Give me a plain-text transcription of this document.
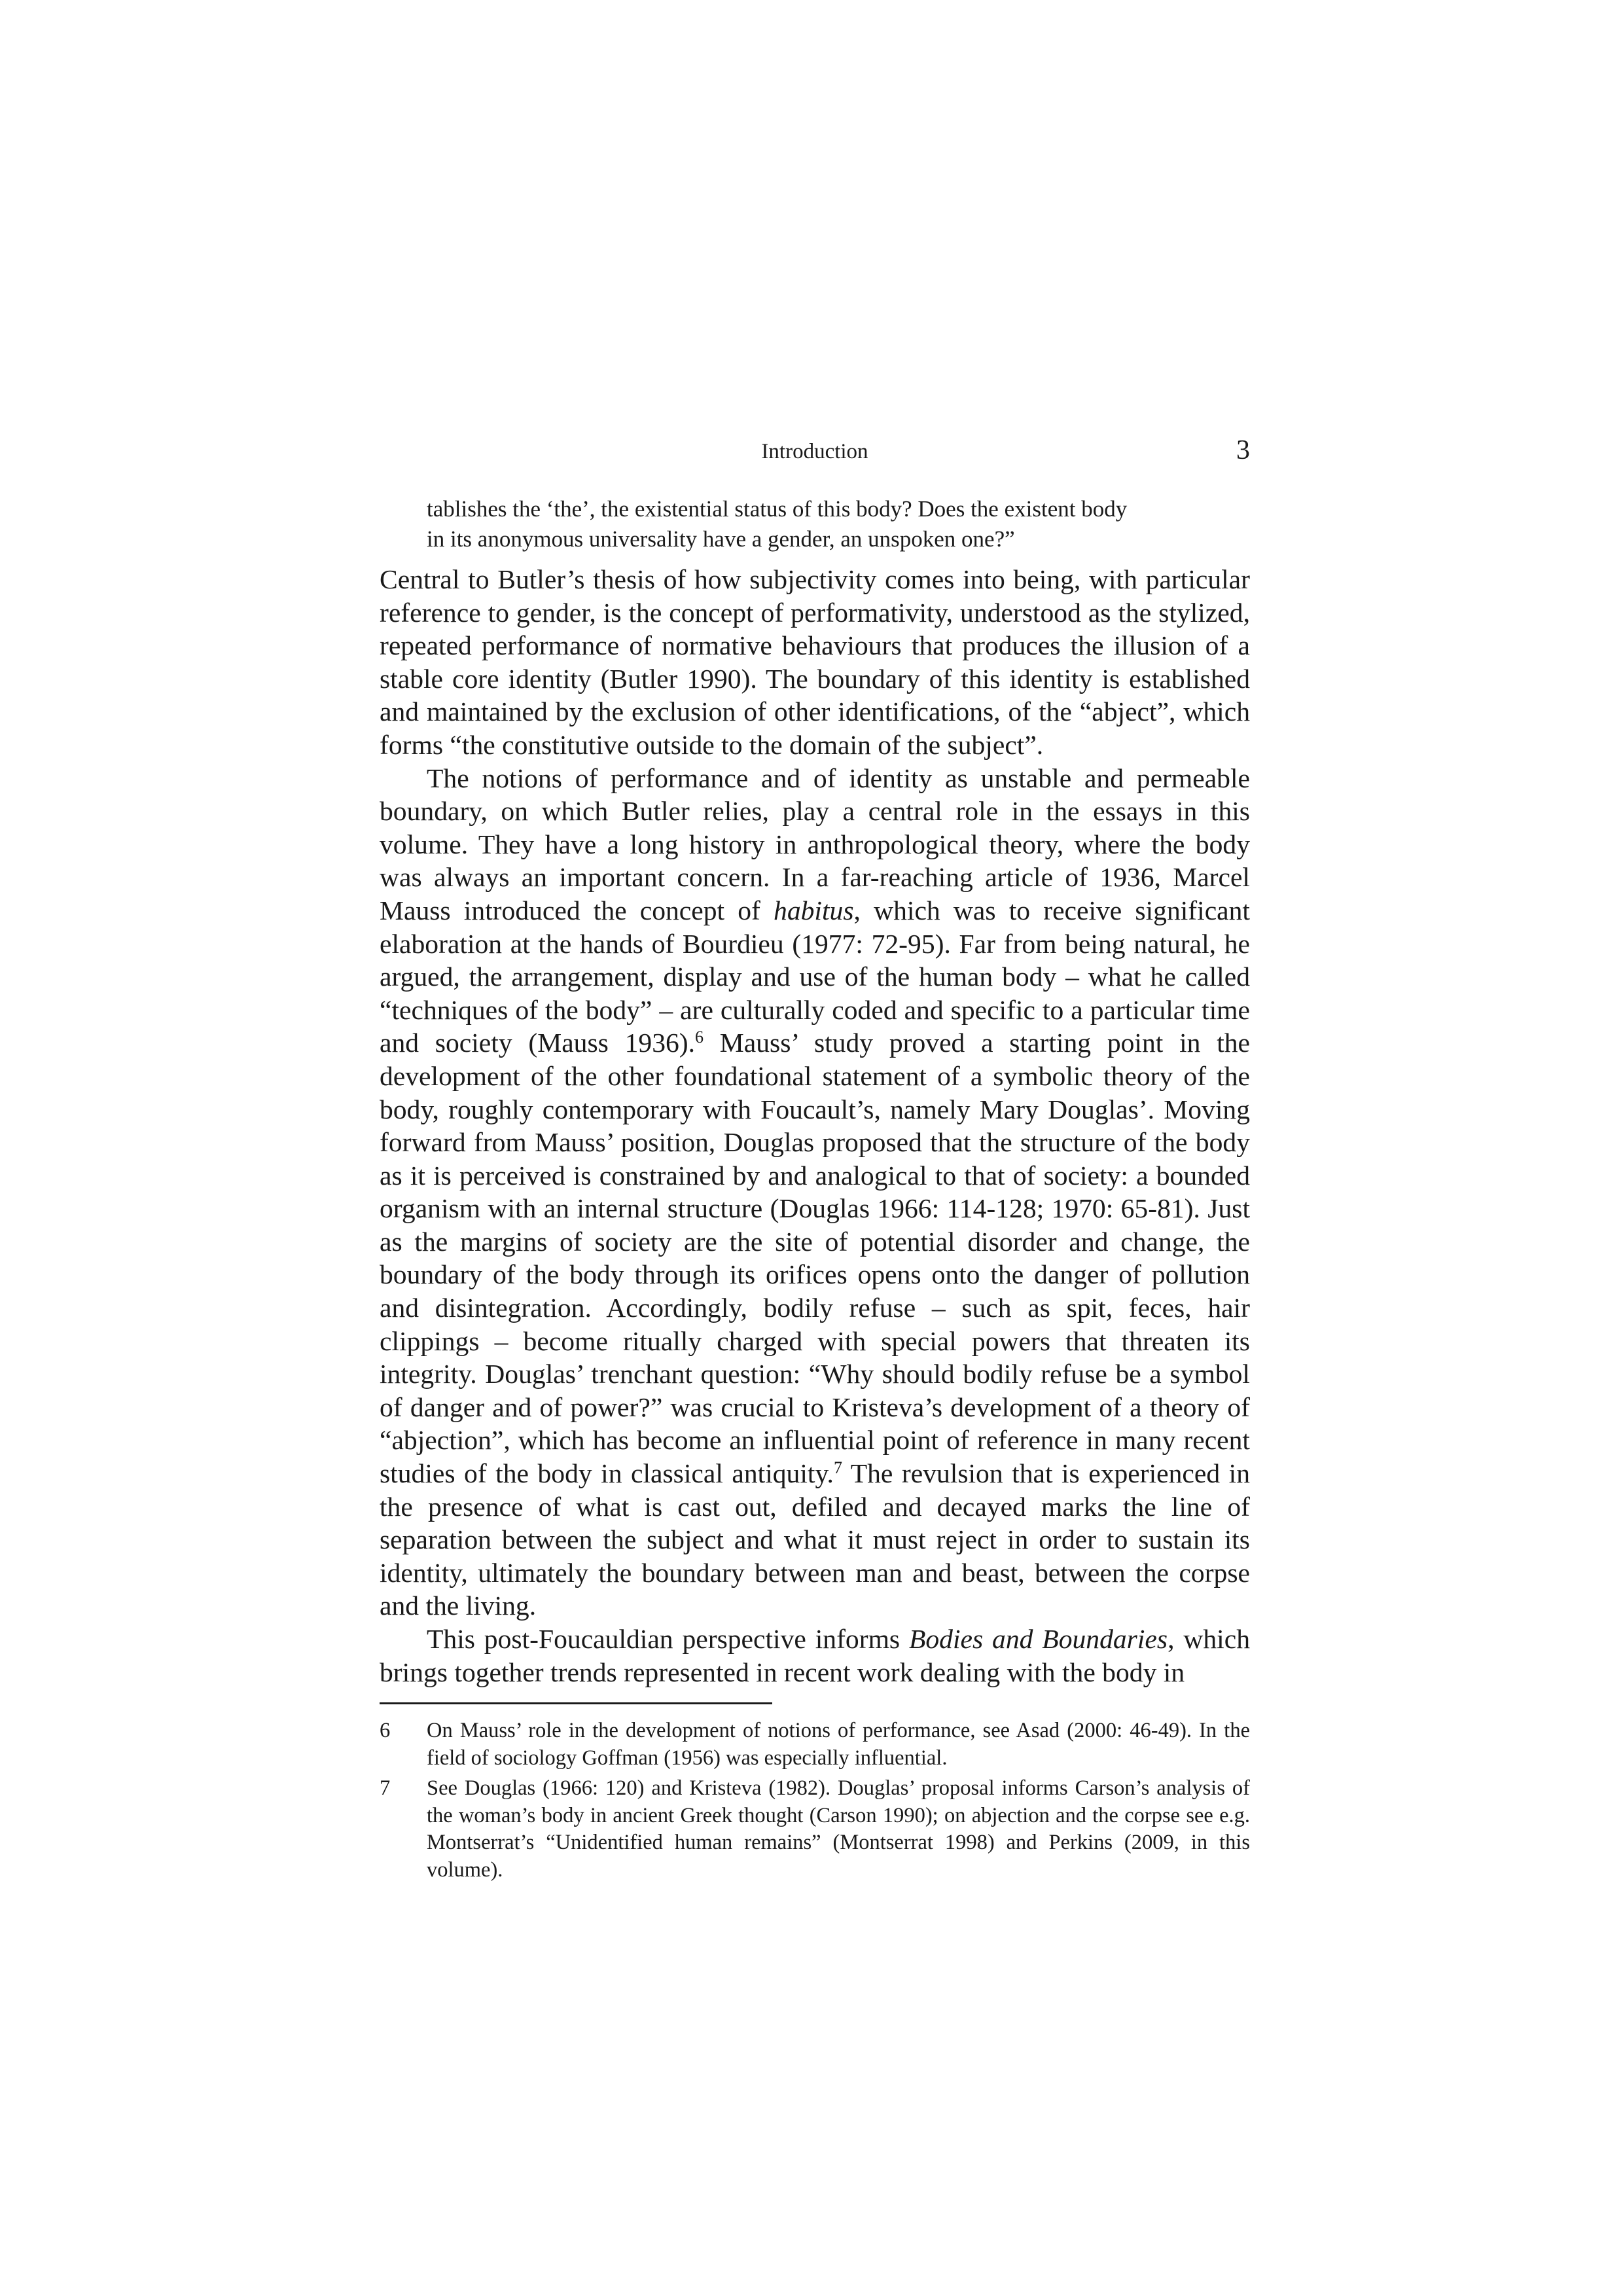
Introduction	3
tablishes the ‘the’, the existential status of this body? Does the existent body
in its anonymous universality have a gender, an unspoken one?”

Central to Butler’s thesis of how subjectivity comes into being, with particular reference to gender, is the concept of performativity, understood as the stylized, repeated performance of normative behaviours that produces the illusion of a stable core identity (Butler 1990). The boundary of this identity is established and maintained by the exclusion of other identifications, of the “abject”, which forms “the constitutive outside to the domain of the subject”.

The notions of performance and of identity as unstable and permeable boundary, on which Butler relies, play a central role in the essays in this volume. They have a long history in anthropological theory, where the body was always an important concern. In a far-reaching article of 1936, Marcel Mauss introduced the concept of habitus, which was to receive significant elaboration at the hands of Bourdieu (1977: 72-95). Far from being natural, he argued, the arrangement, display and use of the human body – what he called “techniques of the body” – are culturally coded and specific to a particular time and society (Mauss 1936).$^6$ Mauss’ study proved a starting point in the development of the other foundational statement of a symbolic theory of the body, roughly contemporary with Foucault’s, namely Mary Douglas’. Moving forward from Mauss’ position, Douglas proposed that the structure of the body as it is perceived is constrained by and analogical to that of society: a bounded organism with an internal structure (Douglas 1966: 114-128; 1970: 65-81). Just as the margins of society are the site of potential disorder and change, the boundary of the body through its orifices opens onto the danger of pollution and disintegration. Accordingly, bodily refuse – such as spit, feces, hair clippings – become ritually charged with special powers that threaten its integrity. Douglas’ trenchant question: “Why should bodily refuse be a symbol of danger and of power?” was crucial to Kristeva’s development of a theory of “abjection”, which has become an influential point of reference in many recent studies of the body in classical antiquity.$^7$ The revulsion that is experienced in the presence of what is cast out, defiled and decayed marks the line of separation between the subject and what it must reject in order to sustain its identity, ultimately the boundary between man and beast, between the corpse and the living.

This post-Foucauldian perspective informs Bodies and Boundaries, which brings together trends represented in recent work dealing with the body in

6 On Mauss’ role in the development of notions of performance, see Asad (2000: 46-49). In the field of sociology Goffman (1956) was especially influential.
7 See Douglas (1966: 120) and Kristeva (1982). Douglas’ proposal informs Carson’s analysis of the woman’s body in ancient Greek thought (Carson 1990); on abjection and the corpse see e.g. Montserrat’s “Unidentified human remains” (Montserrat 1998) and Perkins (2009, in this volume).
